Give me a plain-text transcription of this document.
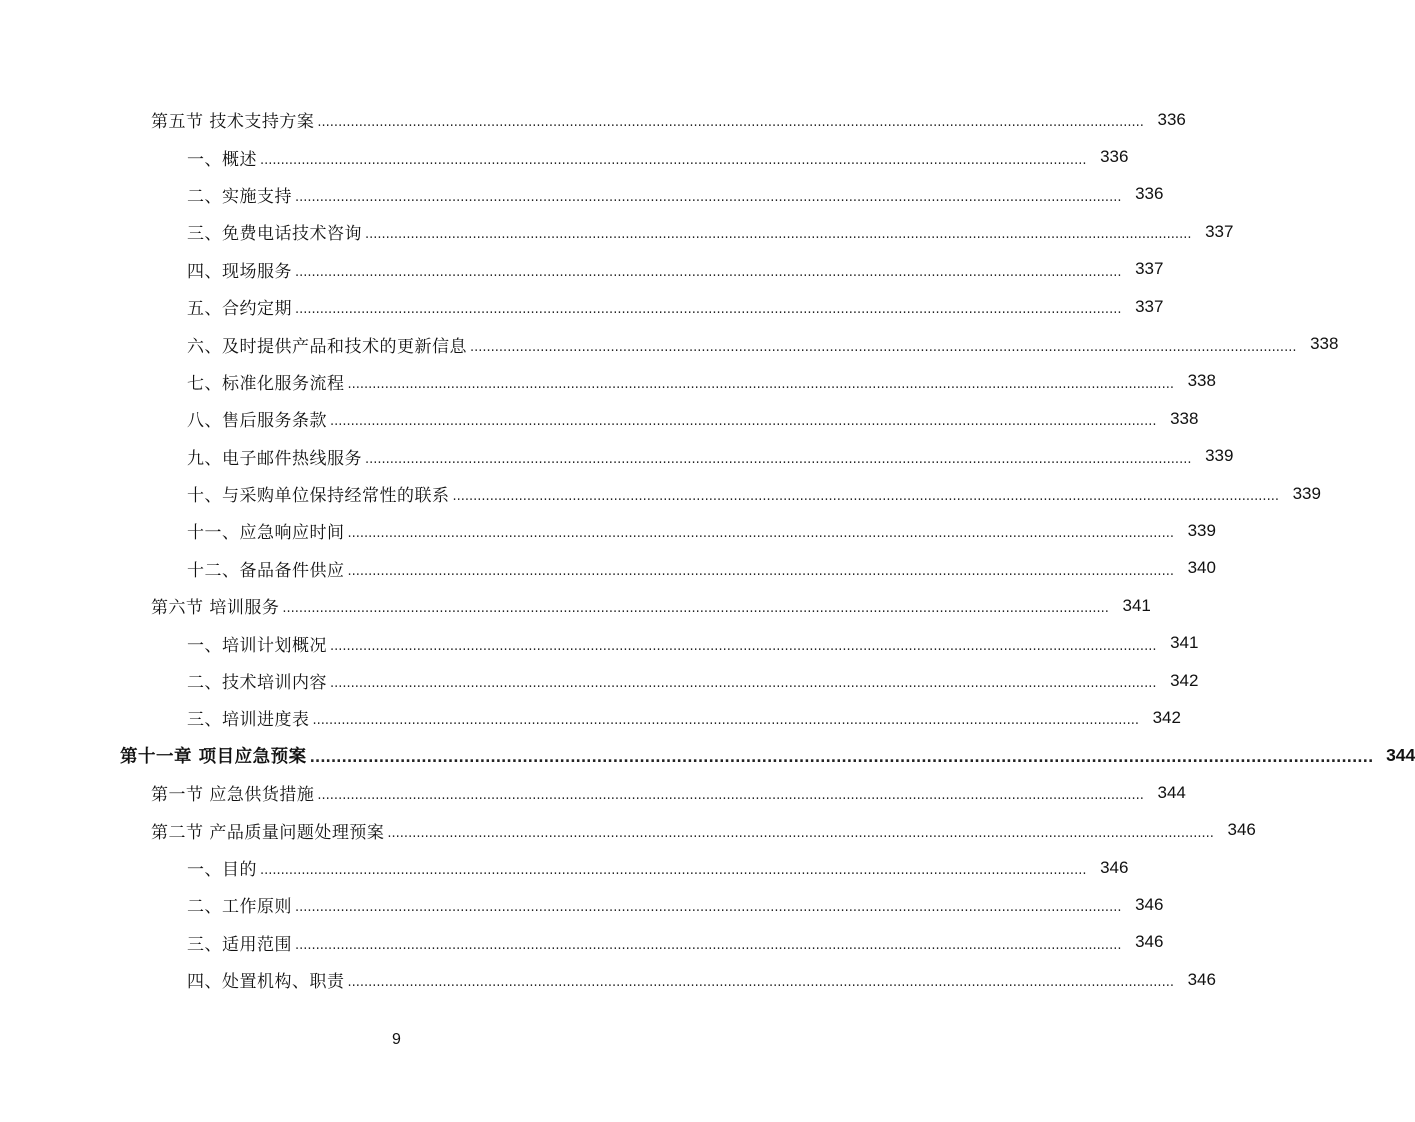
第五节 技术支持方案 ........................................................................................................................................................................................................ 336
一、概述 ........................................................................................................................................................................................................ 336
二、实施支持 ........................................................................................................................................................................................................ 336
三、免费电话技术咨询 ........................................................................................................................................................................................................ 337
四、现场服务 ........................................................................................................................................................................................................ 337
五、合约定期 ........................................................................................................................................................................................................ 337
六、及时提供产品和技术的更新信息 ........................................................................................................................................................................................................ 338
七、标准化服务流程 ........................................................................................................................................................................................................ 338
八、售后服务条款 ........................................................................................................................................................................................................ 338
九、电子邮件热线服务 ........................................................................................................................................................................................................ 339
十、与采购单位保持经常性的联系 ........................................................................................................................................................................................................ 339
十一、应急响应时间 ........................................................................................................................................................................................................ 339
十二、备品备件供应 ........................................................................................................................................................................................................ 340
第六节 培训服务 ........................................................................................................................................................................................................ 341
一、培训计划概况 ........................................................................................................................................................................................................ 341
二、技术培训内容 ........................................................................................................................................................................................................ 342
三、培训进度表 ........................................................................................................................................................................................................ 342
第十一章 项目应急预案 ........................................................................................................................................................................................................ 344
第一节 应急供货措施 ........................................................................................................................................................................................................ 344
第二节 产品质量问题处理预案 ........................................................................................................................................................................................................ 346
一、目的 ........................................................................................................................................................................................................ 346
二、工作原则 ........................................................................................................................................................................................................ 346
三、适用范围 ........................................................................................................................................................................................................ 346
四、处置机构、职责 ........................................................................................................................................................................................................ 346
9
